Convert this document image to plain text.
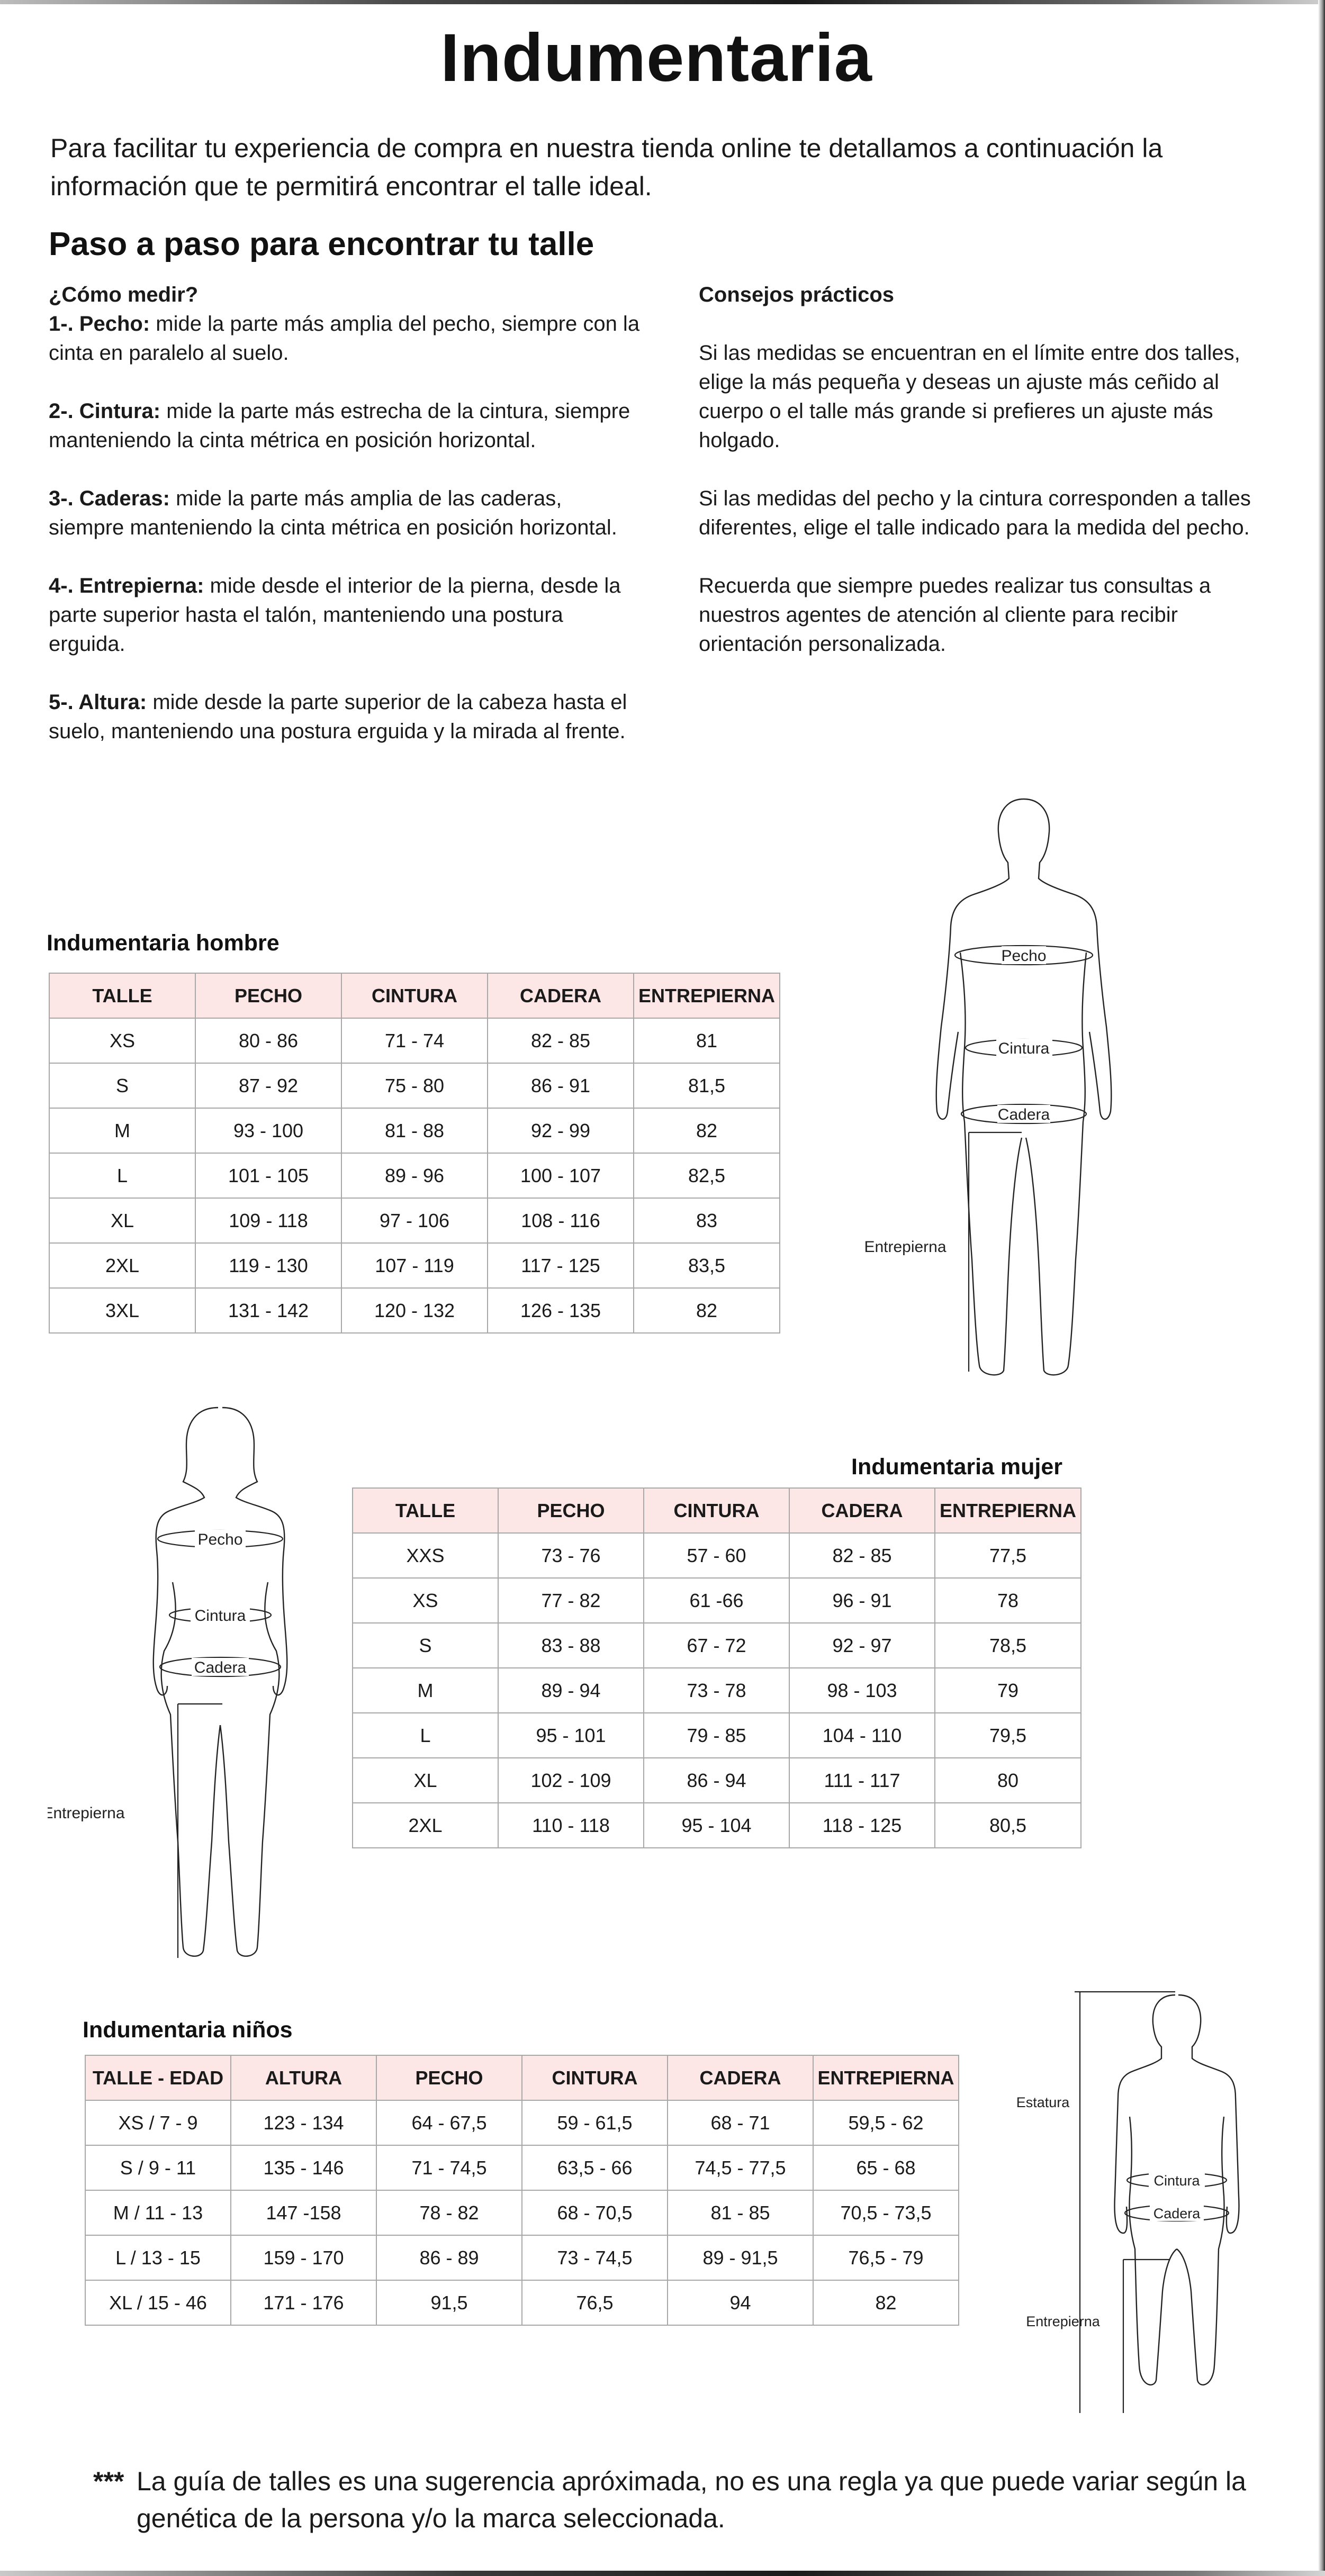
Indumentaria

Para facilitar tu experiencia de compra en nuestra tienda online te detallamos a continuación la información que te permitirá encontrar el talle ideal.

Paso a paso para encontrar tu talle
¿Cómo medir?
1-. Pecho: mide la parte más amplia del pecho, siempre con la cinta en paralelo al suelo.
2-. Cintura: mide la parte más estrecha de la cintura, siempre manteniendo la cinta métrica en posición horizontal.
3-. Caderas: mide la parte más amplia de las caderas, siempre manteniendo la cinta métrica en posición horizontal.
4-. Entrepierna: mide desde el interior de la pierna, desde la parte superior hasta el talón, manteniendo una postura erguida.
5-. Altura: mide desde la parte superior de la cabeza hasta el suelo, manteniendo una postura erguida y la mirada al frente.
Consejos prácticos
Si las medidas se encuentran en el límite entre dos talles, elige la más pequeña y deseas un ajuste más ceñido al cuerpo o el talle más grande si prefieres un ajuste más holgado.
Si las medidas del pecho y la cintura corresponden a talles diferentes, elige el talle indicado para la medida del pecho.
Recuerda que siempre puedes realizar tus consultas a nuestros agentes de atención al cliente para recibir orientación personalizada.
Indumentaria hombre
TALLE	PECHO	CINTURA	CADERA	ENTREPIERNA
XS	80 - 86	71 - 74	82 - 85	81
S	87 - 92	75 - 80	86 - 91	81,5
M	93 - 100	81 - 88	92 - 99	82
L	101 - 105	89 - 96	100 - 107	82,5
XL	109 - 118	97 - 106	108 - 116	83
2XL	119 - 130	107 - 119	117 - 125	83,5
3XL	131 - 142	120 - 132	126 - 135	82
Pecho
Cintura
Cadera
Entrepierna
Indumentaria mujer
TALLE	PECHO	CINTURA	CADERA	ENTREPIERNA
XXS	73 - 76	57 - 60	82 - 85	77,5
XS	77 - 82	61 -66	96 - 91	78
S	83 - 88	67 - 72	92 - 97	78,5
M	89 - 94	73 - 78	98 - 103	79
L	95 - 101	79 - 85	104 - 110	79,5
XL	102 - 109	86 - 94	111 - 117	80
2XL	110 - 118	95 - 104	118 - 125	80,5
Pecho
Cintura
Cadera
Entrepierna
Indumentaria niños
TALLE - EDAD	ALTURA	PECHO	CINTURA	CADERA	ENTREPIERNA
XS / 7 - 9	123 - 134	64 - 67,5	59 - 61,5	68 - 71	59,5 - 62
S / 9 - 11	135 - 146	71 - 74,5	63,5 - 66	74,5 - 77,5	65 - 68
M / 11 - 13	147 -158	78 - 82	68 - 70,5	81 - 85	70,5 - 73,5
L / 13 - 15	159 - 170	86 - 89	73 - 74,5	89 - 91,5	76,5 - 79
XL / 15 - 46	171 - 176	91,5	76,5	94	82
Cintura
Cadera
Estatura
Entrepierna
*** La guía de talles es una sugerencia apróximada, no es una regla ya que puede variar según la genética de la persona y/o la marca seleccionada.
